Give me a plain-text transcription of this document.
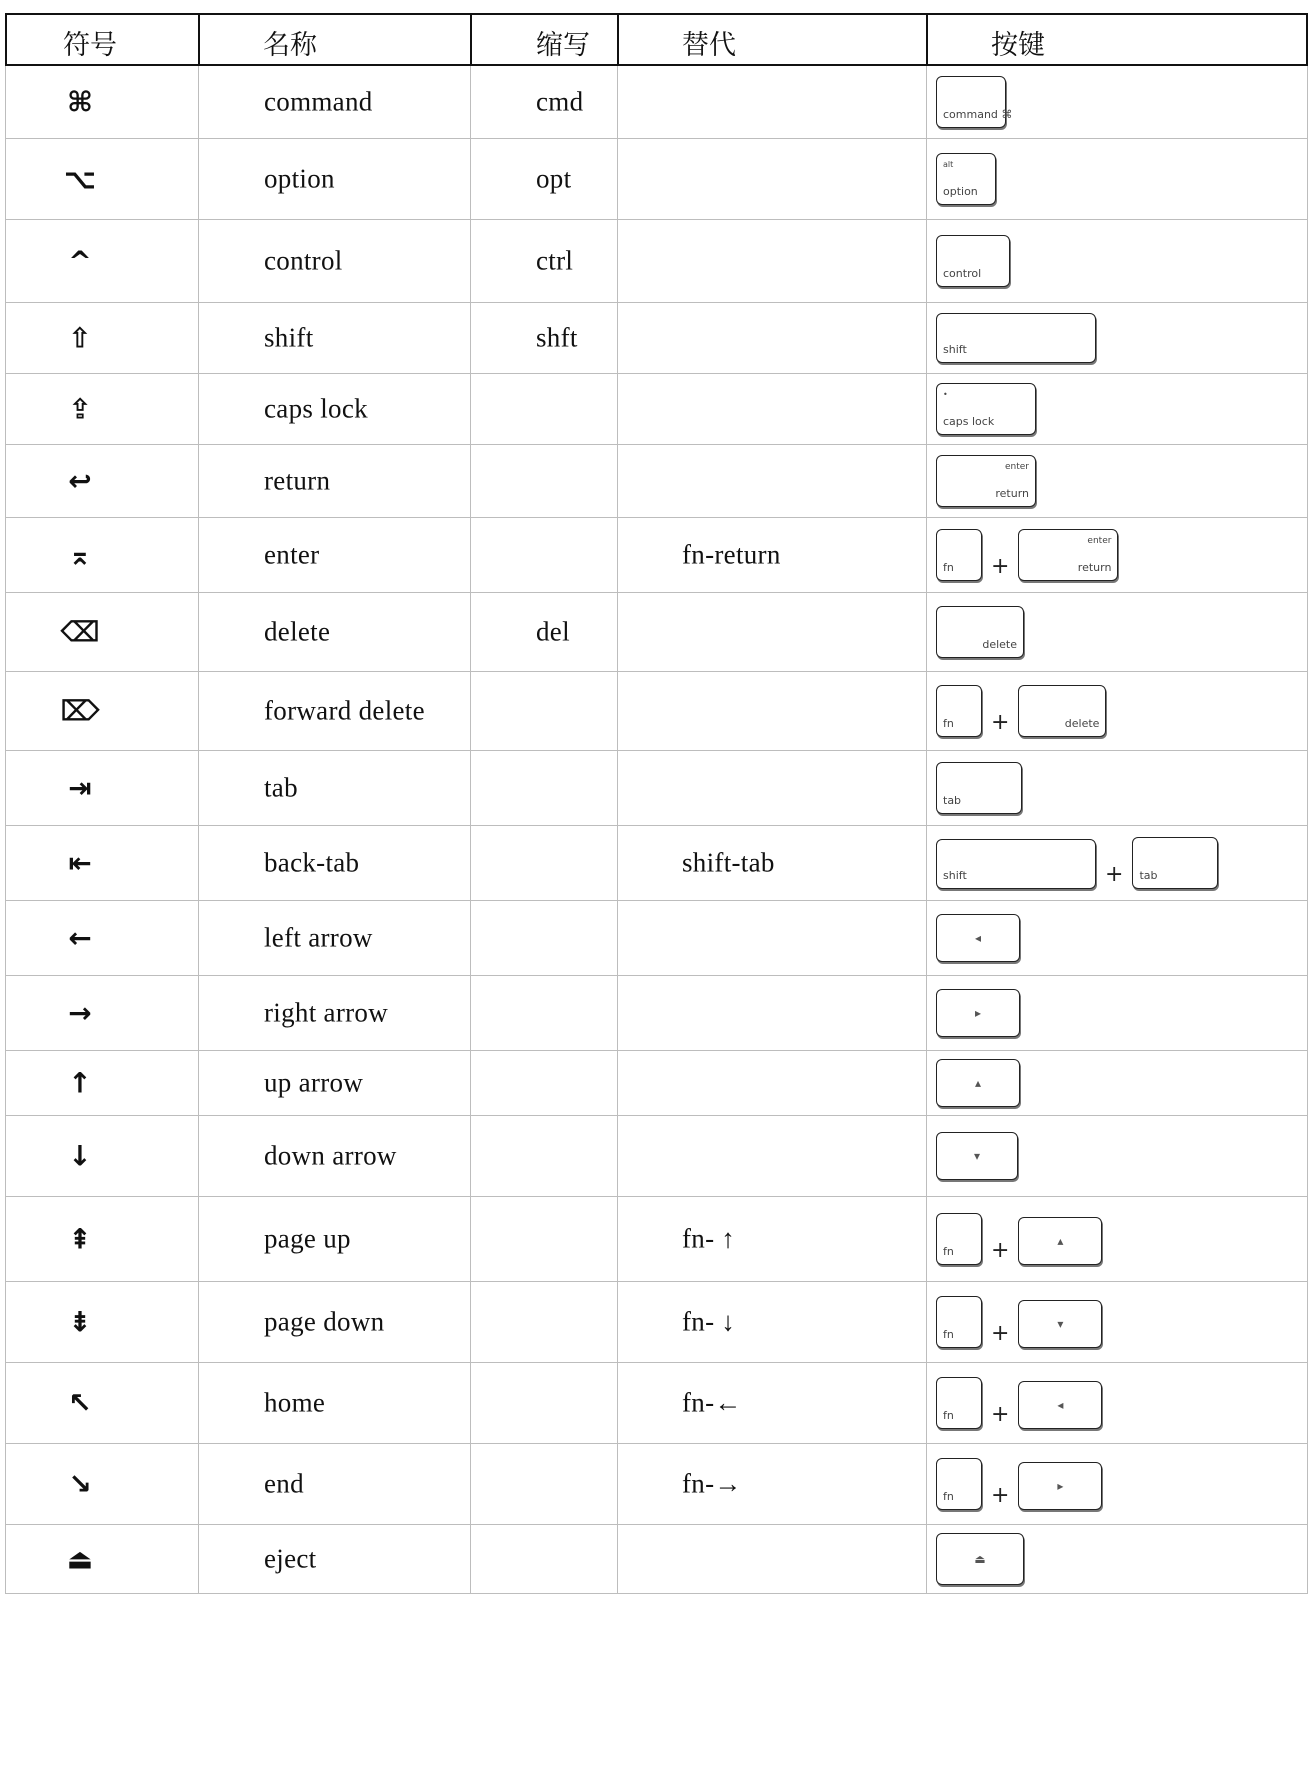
符号	名称	缩写	替代	按键
⌘	command	cmd	command ⌘
⌥	option	opt	alt
option
^	control	ctrl	control
⇧	shift	shft	shift
⇪	caps lock	•
caps lock
↩	return	enter
return
⌅	enter	fn-return	fn +
enter
return
⌫	delete	del	delete
⌦	forward delete	fn +	delete
⇥	tab	tab
⇤	back-tab	shift-tab	shift	+ tab
←	left arrow	◂
→	right arrow	▸
↑	up arrow	▴
↓	down arrow	▾
⇞	page up	fn- ↑	fn +	▴
⇟	page down	fn- ↓	fn +	▾
↖	home	fn-←	fn +	◂
↘	end	fn-→	fn +	▸
⏏	eject	⏏
